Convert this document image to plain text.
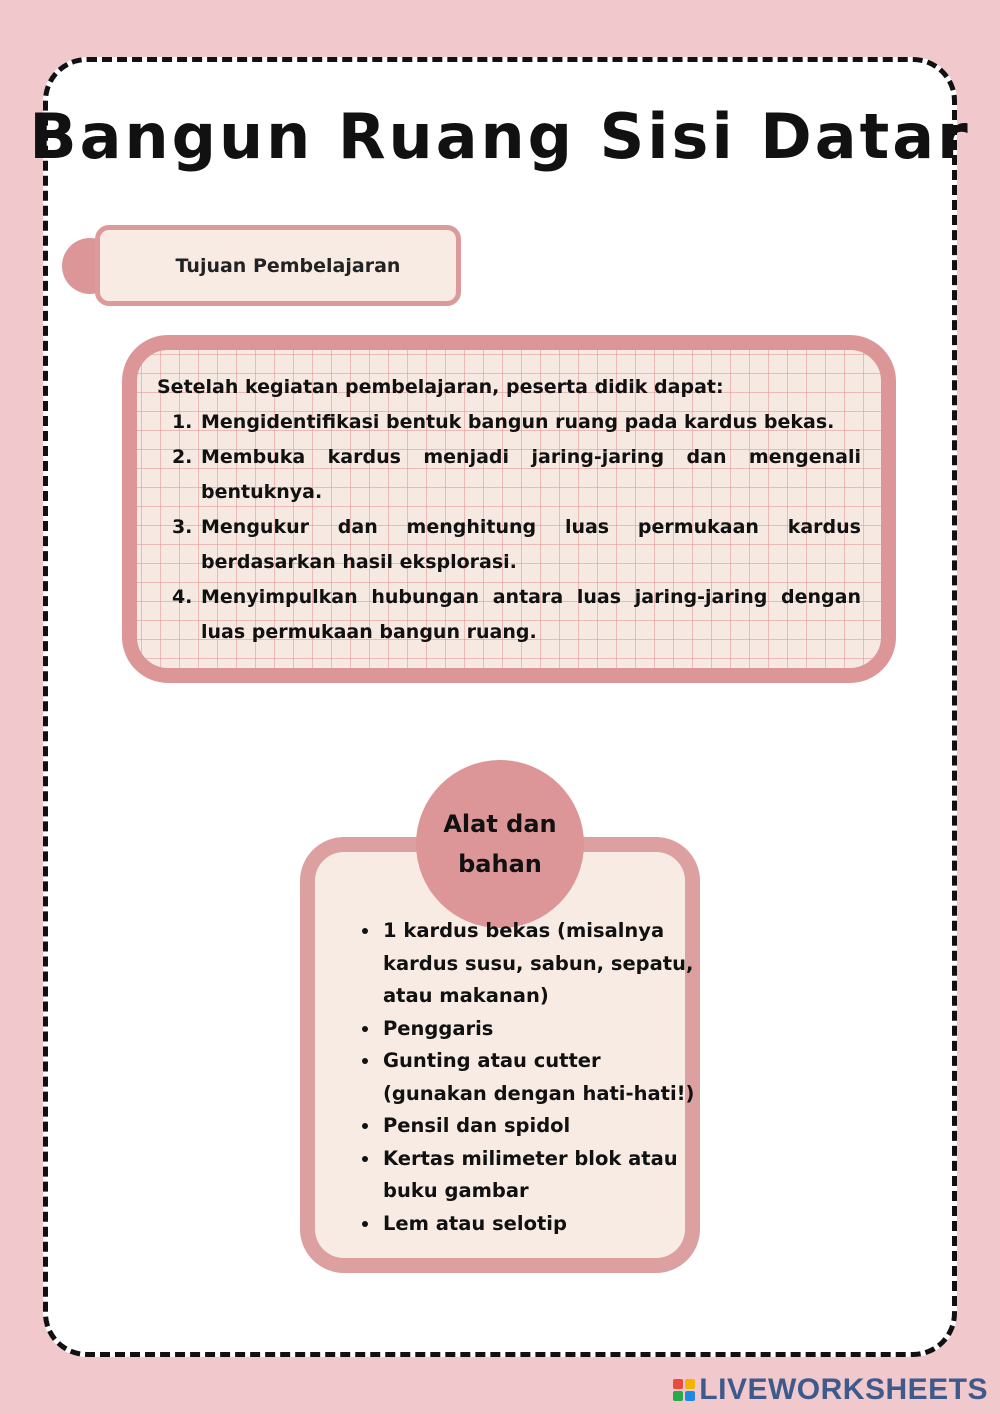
Bangun Ruang Sisi Datar
Tujuan Pembelajaran
Setelah kegiatan pembelajaran, peserta didik dapat:
1. Mengidentifikasi bentuk bangun ruang pada kardus bekas.
2. Membuka kardus menjadi jaring-jaring dan mengenali bentuknya.
3. Mengukur dan menghitung luas permukaan kardus berdasarkan hasil eksplorasi.
4. Menyimpulkan hubungan antara luas jaring-jaring dengan luas permukaan bangun ruang.
Alat dan bahan
• 1 kardus bekas (misalnya kardus susu, sabun, sepatu, atau makanan)
• Penggaris
• Gunting atau cutter (gunakan dengan hati-hati!)
• Pensil dan spidol
• Kertas milimeter blok atau buku gambar
• Lem atau selotip
LIVEWORKSHEETS
